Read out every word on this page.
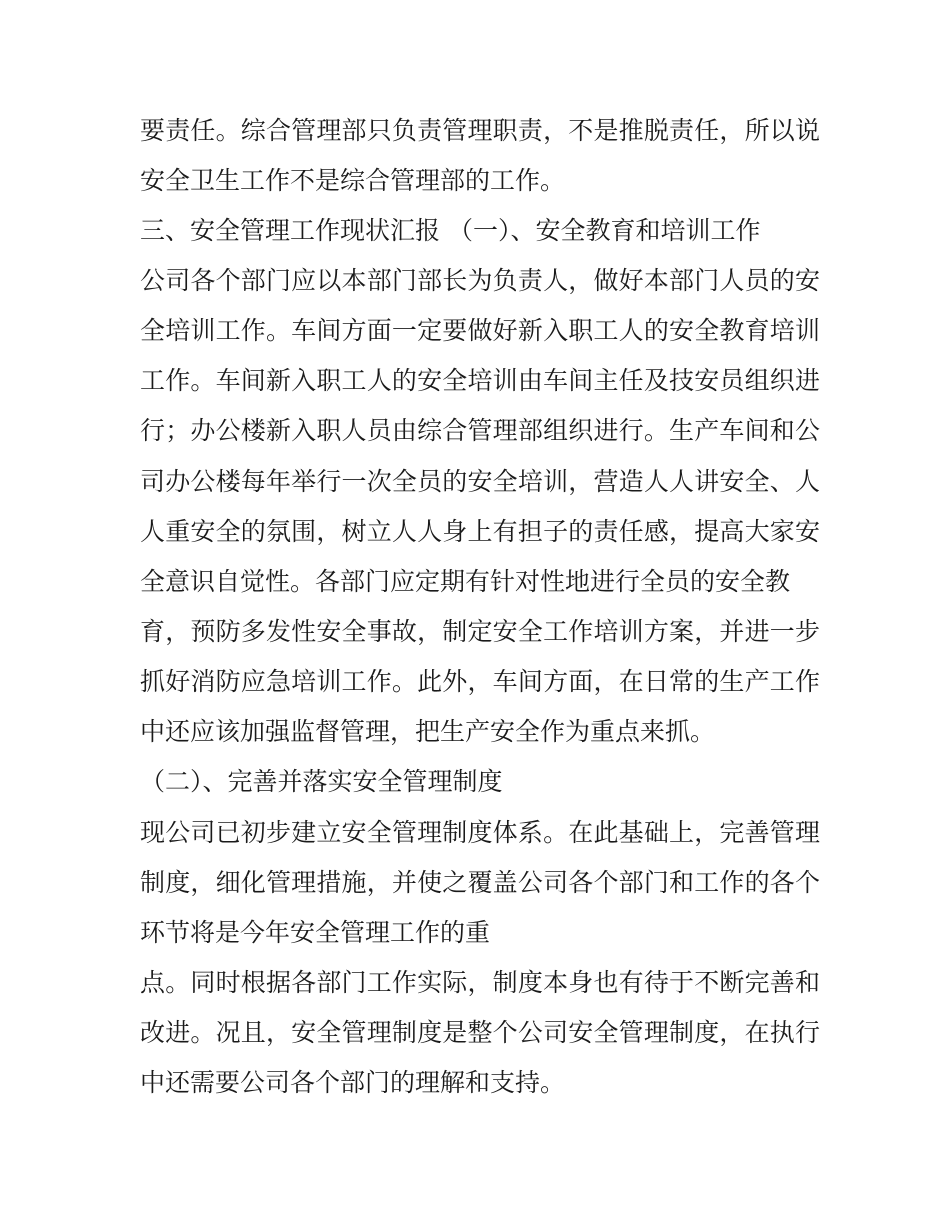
要责任。综合管理部只负责管理职责，不是推脱责任，所以说
安全卫生工作不是综合管理部的工作。
三、安全管理工作现状汇报 （一）、安全教育和培训工作
公司各个部门应以本部门部长为负责人，做好本部门人员的安
全培训工作。车间方面一定要做好新入职工人的安全教育培训
工作。车间新入职工人的安全培训由车间主任及技安员组织进
行；办公楼新入职人员由综合管理部组织进行。生产车间和公
司办公楼每年举行一次全员的安全培训，营造人人讲安全、人
人重安全的氛围，树立人人身上有担子的责任感，提高大家安
全意识自觉性。各部门应定期有针对性地进行全员的安全教
育，预防多发性安全事故，制定安全工作培训方案，并进一步
抓好消防应急培训工作。此外，车间方面，在日常的生产工作
中还应该加强监督管理，把生产安全作为重点来抓。
（二）、完善并落实安全管理制度
现公司已初步建立安全管理制度体系。在此基础上，完善管理
制度，细化管理措施，并使之覆盖公司各个部门和工作的各个
环节将是今年安全管理工作的重
点。同时根据各部门工作实际，制度本身也有待于不断完善和
改进。况且，安全管理制度是整个公司安全管理制度，在执行
中还需要公司各个部门的理解和支持。
